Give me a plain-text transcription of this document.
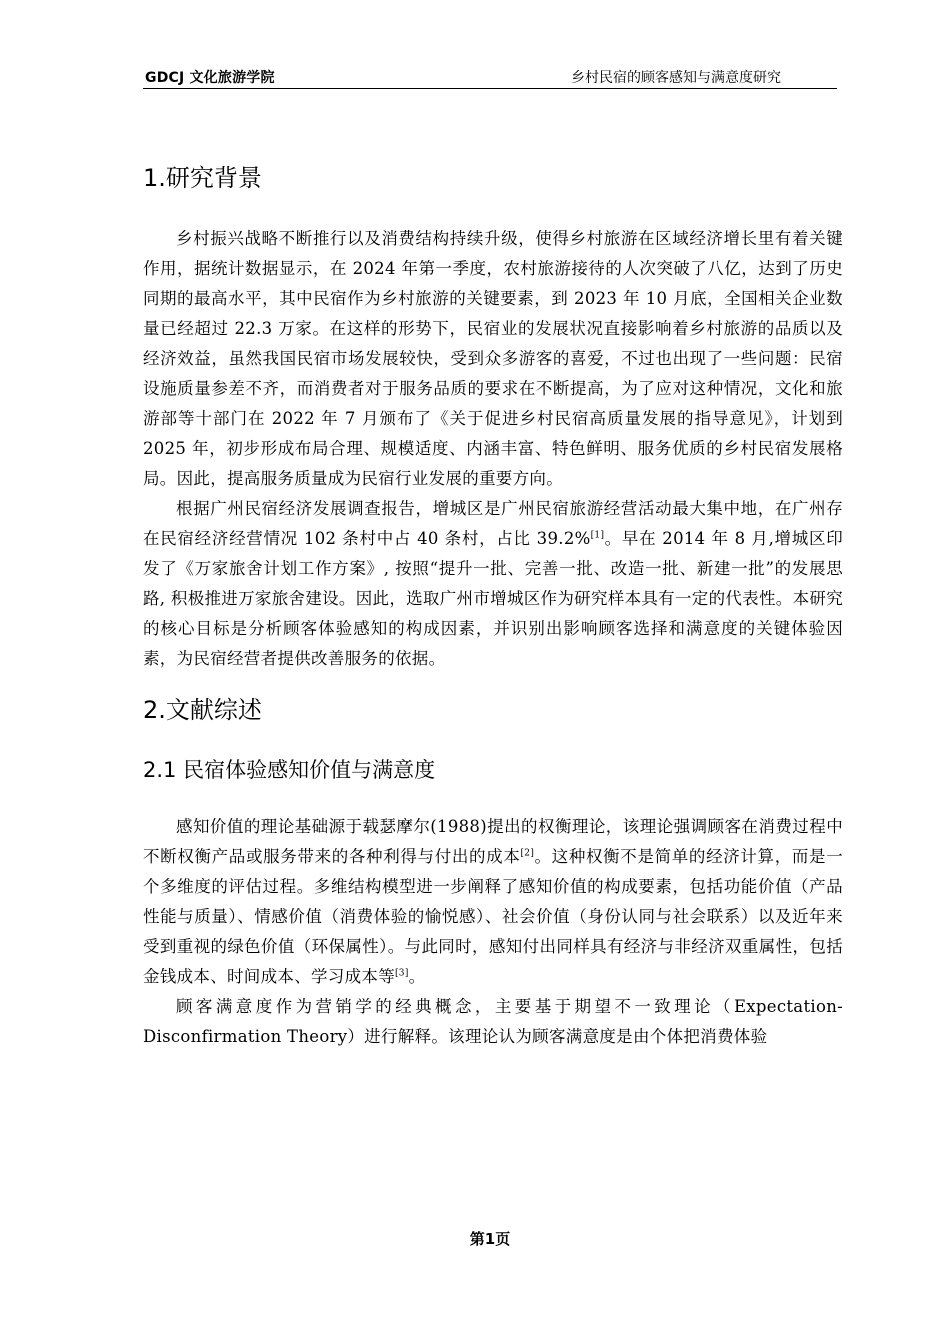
GDCJ 文化旅游学院	乡村民宿的顾客感知与满意度研究
1.研究背景

乡村振兴战略不断推行以及消费结构持续升级，使得乡村旅游在区域经济增长里有着关键作用，据统计数据显示，在 2024 年第一季度，农村旅游接待的人次突破了八亿，达到了历史同期的最高水平，其中民宿作为乡村旅游的关键要素，到 2023 年 10 月底，全国相关企业数量已经超过 22.3 万家。在这样的形势下，民宿业的发展状况直接影响着乡村旅游的品质以及经济效益，虽然我国民宿市场发展较快，受到众多游客的喜爱，不过也出现了一些问题：民宿设施质量参差不齐，而消费者对于服务品质的要求在不断提高，为了应对这种情况，文化和旅游部等十部门在 2022 年 7 月颁布了《关于促进乡村民宿高质量发展的指导意见》，计划到 2025 年，初步形成布局合理、规模适度、内涵丰富、特色鲜明、服务优质的乡村民宿发展格局。因此，提高服务质量成为民宿行业发展的重要方向。

根据广州民宿经济发展调查报告，增城区是广州民宿旅游经营活动最大集中地，在广州存在民宿经济经营情况 102 条村中占 40 条村，占比 39.2%[1]。早在 2014 年 8 月,增城区印发了《万家旅舍计划工作方案》, 按照“提升一批、完善一批、改造一批、新建一批”的发展思路, 积极推进万家旅舍建设。因此，选取广州市增城区作为研究样本具有一定的代表性。本研究的核心目标是分析顾客体验感知的构成因素，并识别出影响顾客选择和满意度的关键体验因素，为民宿经营者提供改善服务的依据。

2.文献综述
2.1 民宿体验感知价值与满意度

感知价值的理论基础源于载瑟摩尔(1988)提出的权衡理论，该理论强调顾客在消费过程中不断权衡产品或服务带来的各种利得与付出的成本[2]。这种权衡不是简单的经济计算，而是一个多维度的评估过程。多维结构模型进一步阐释了感知价值的构成要素，包括功能价值（产品性能与质量）、情感价值（消费体验的愉悦感）、社会价值（身份认同与社会联系）以及近年来受到重视的绿色价值（环保属性）。与此同时，感知付出同样具有经济与非经济双重属性，包括金钱成本、时间成本、学习成本等[3]。

顾客满意度作为营销学的经典概念，主要基于期望不一致理论（Expectation-Disconfirmation Theory）进行解释。该理论认为顾客满意度是由个体把消费体验

第1页
